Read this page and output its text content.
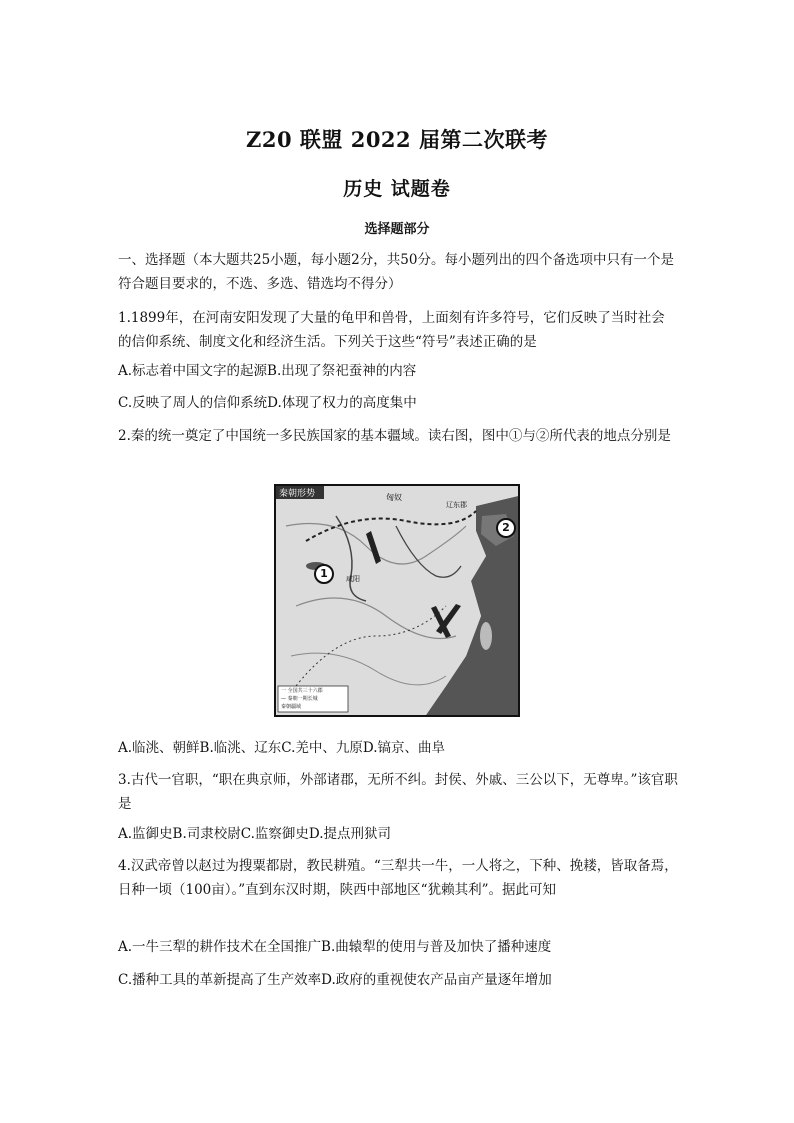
Z20 联盟 2022 届第二次联考
历史 试题卷
选择题部分

一、选择题（本大题共25小题，每小题2分，共50分。每小题列出的四个备选项中只有一个是符合题目要求的，不选、多选、错选均不得分）

1.1899年，在河南安阳发现了大量的龟甲和兽骨，上面刻有许多符号，它们反映了当时社会的信仰系统、制度文化和经济生活。下列关于这些“符号”表述正确的是

A.标志着中国文字的起源B.出现了祭祀蚕神的内容

C.反映了周人的信仰系统D.体现了权力的高度集中

2.秦的统一奠定了中国统一多民族国家的基本疆域。读右图，图中①与②所代表的地点分别是

秦朝形势
辽东郡
匈奴
咸阳
1
2
一 全国共三十六郡
— 秦朝一期长城
秦朝疆域

A.临洮、朝鲜B.临洮、辽东C.羌中、九原D.镐京、曲阜

3.古代一官职，“职在典京师，外部诸郡，无所不纠。封侯、外戚、三公以下，无尊卑。”该官职是

A.监御史B.司隶校尉C.监察御史D.提点刑狱司

4.汉武帝曾以赵过为搜粟都尉，教民耕殖。“三犁共一牛，一人将之，下种、挽耧，皆取备焉，日种一顷（100亩）。”直到东汉时期，陕西中部地区“犹赖其利”。据此可知

A.一牛三犁的耕作技术在全国推广B.曲辕犁的使用与普及加快了播种速度

C.播种工具的革新提高了生产效率D.政府的重视使农产品亩产量逐年增加
